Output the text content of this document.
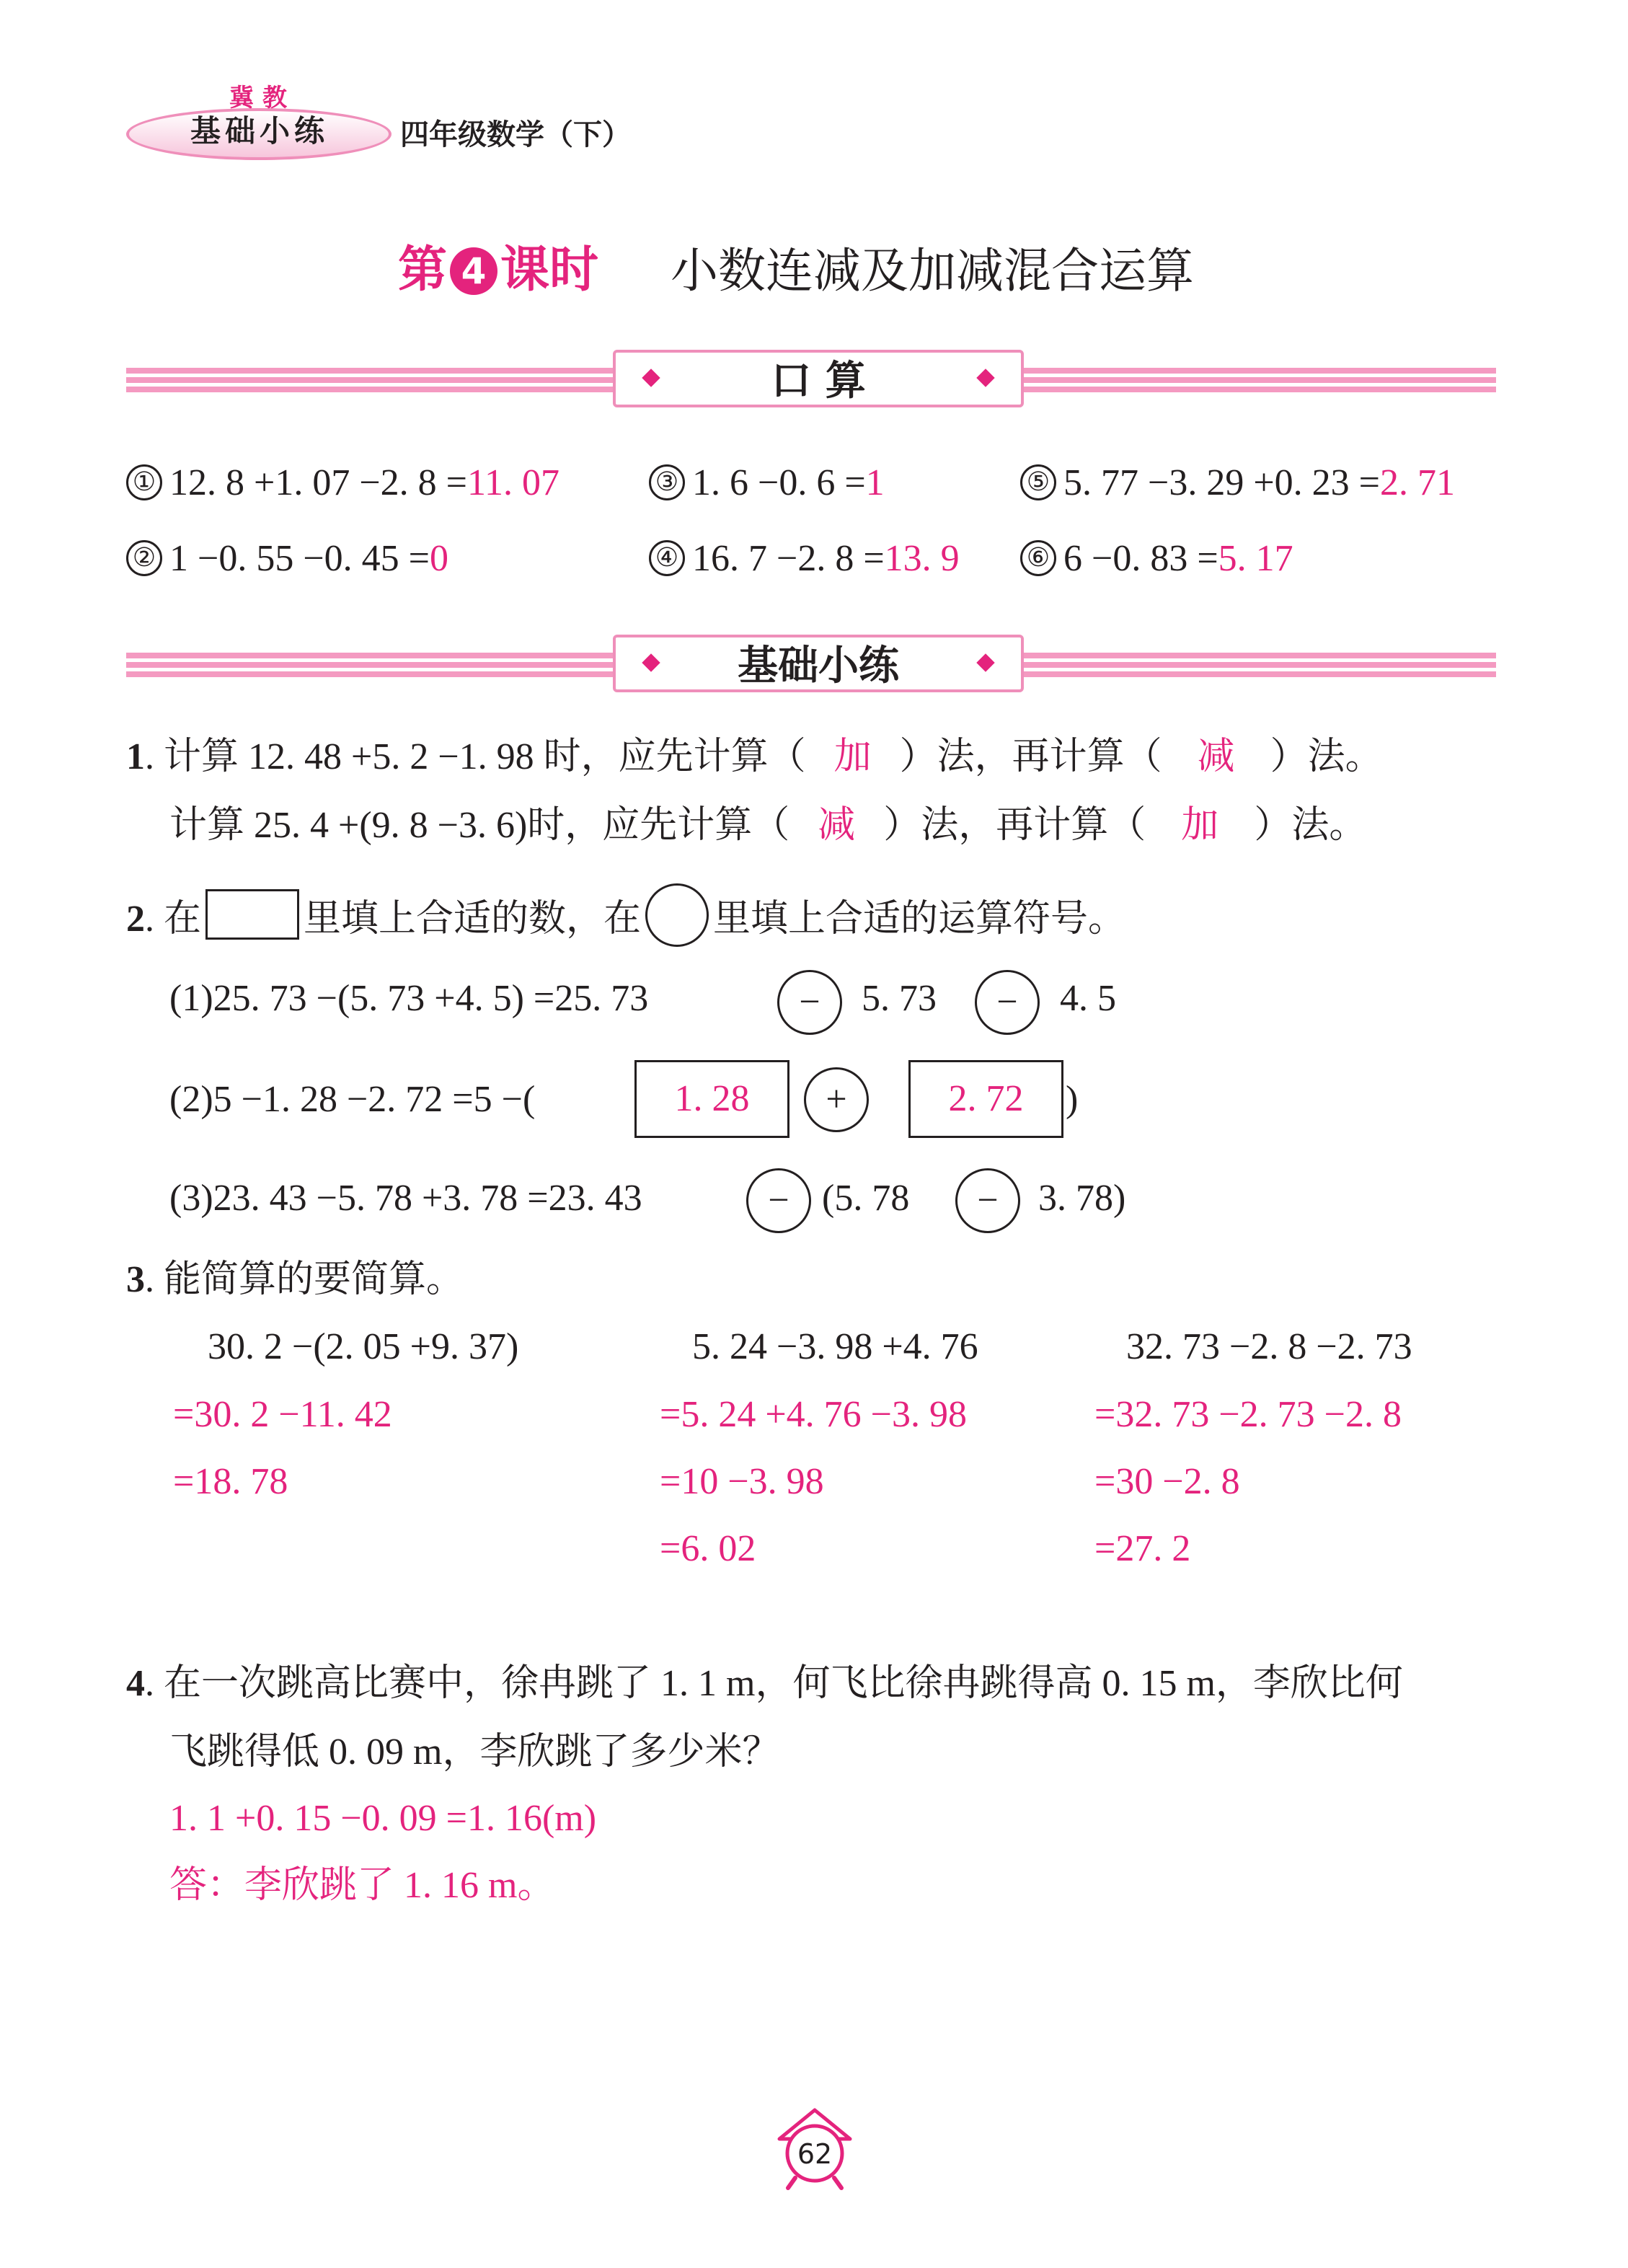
冀教
基础小练	四年级数学（下）
第 4 课时 小数连减及加减混合运算
口 算
① 12. 8 +1. 07 −2. 8 =11. 07	③ 1. 6 −0. 6 =1	⑤ 5. 77 −3. 29 +0. 23 =2. 71
② 1 −0. 55 −0. 45 =0	④ 16. 7 −2. 8 =13. 9	⑥ 6 −0. 83 =5. 17
基础小练
1. 计算 12. 48 +5. 2 −1. 98 时，应先计算（ 加 ）法，再计算（ 减 ）法。
计算 25. 4 +(9. 8 −3. 6)时，应先计算（ 减 ）法，再计算（ 加 ）法。
2. 在	里填上合适的数，在 里填上合适的运算符号。
(1)25. 73 −(5. 73 +4. 5) =25. 73	−	5. 73	−	4. 5
(2)5 −1. 28 −2. 72 =5 −(	1. 28	+	2. 72	)
(3)23. 43 −5. 78 +3. 78 =23. 43	− (5. 78	−	3. 78)
3. 能简算的要简算。
30. 2 −(2. 05 +9. 37)
=30. 2 −11. 42
=18. 78
5. 24 −3. 98 +4. 76
=5. 24 +4. 76 −3. 98
=10 −3. 98
=6. 02
32. 73 −2. 8 −2. 73
=32. 73 −2. 73 −2. 8
=30 −2. 8
=27. 2
4. 在一次跳高比赛中，徐冉跳了 1. 1 m，何飞比徐冉跳得高 0. 15 m，李欣比何
飞跳得低 0. 09 m，李欣跳了多少米？
1. 1 +0. 15 −0. 09 =1. 16(m)
答：李欣跳了 1. 16 m。
62
